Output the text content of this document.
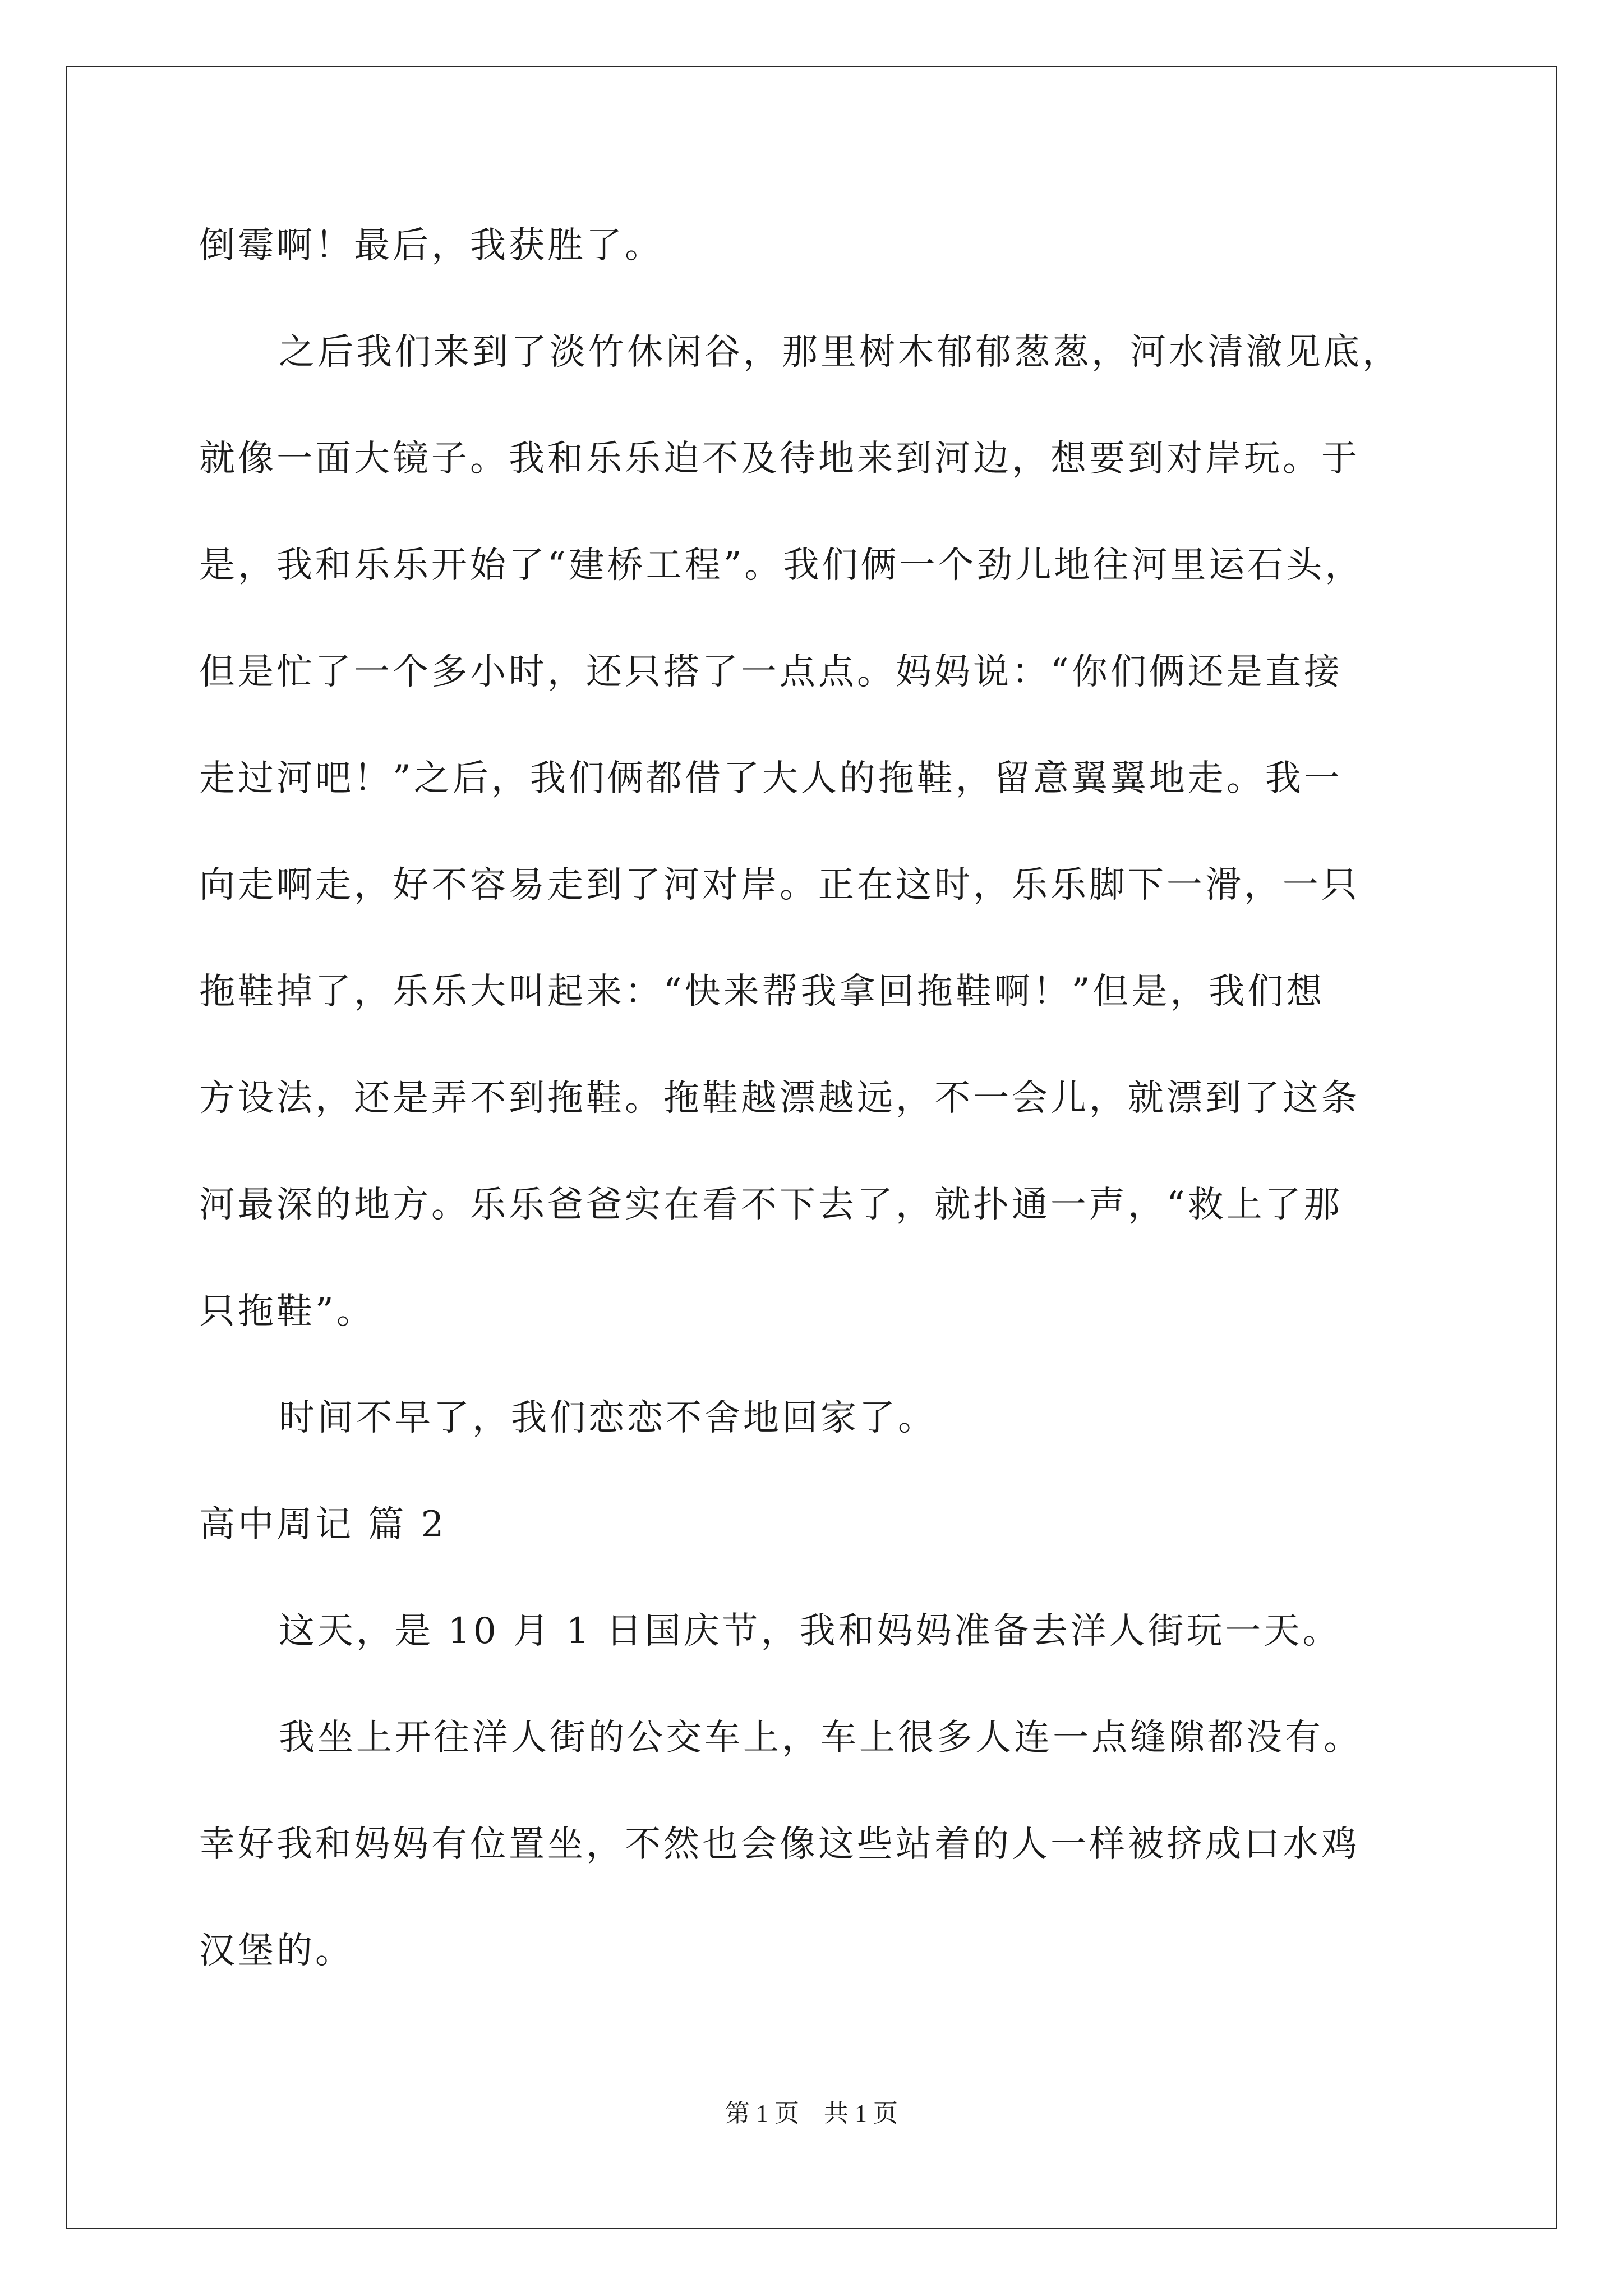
倒霉啊！最后，我获胜了。
之后我们来到了淡竹休闲谷，那里树木郁郁葱葱，河水清澈见底，
就像一面大镜子。我和乐乐迫不及待地来到河边，想要到对岸玩。于
是，我和乐乐开始了“建桥工程”。我们俩一个劲儿地往河里运石头，
但是忙了一个多小时，还只搭了一点点。妈妈说：“你们俩还是直接
走过河吧！”之后，我们俩都借了大人的拖鞋，留意翼翼地走。我一
向走啊走，好不容易走到了河对岸。正在这时，乐乐脚下一滑，一只
拖鞋掉了，乐乐大叫起来：“快来帮我拿回拖鞋啊！”但是，我们想
方设法，还是弄不到拖鞋。拖鞋越漂越远，不一会儿，就漂到了这条
河最深的地方。乐乐爸爸实在看不下去了，就扑通一声，“救上了那
只拖鞋”。
时间不早了，我们恋恋不舍地回家了。
高中周记 篇 2
这天，是 10 月 1 日国庆节，我和妈妈准备去洋人街玩一天。
我坐上开往洋人街的公交车上，车上很多人连一点缝隙都没有。
幸好我和妈妈有位置坐，不然也会像这些站着的人一样被挤成口水鸡
汉堡的。
第 1 页　共 1 页
